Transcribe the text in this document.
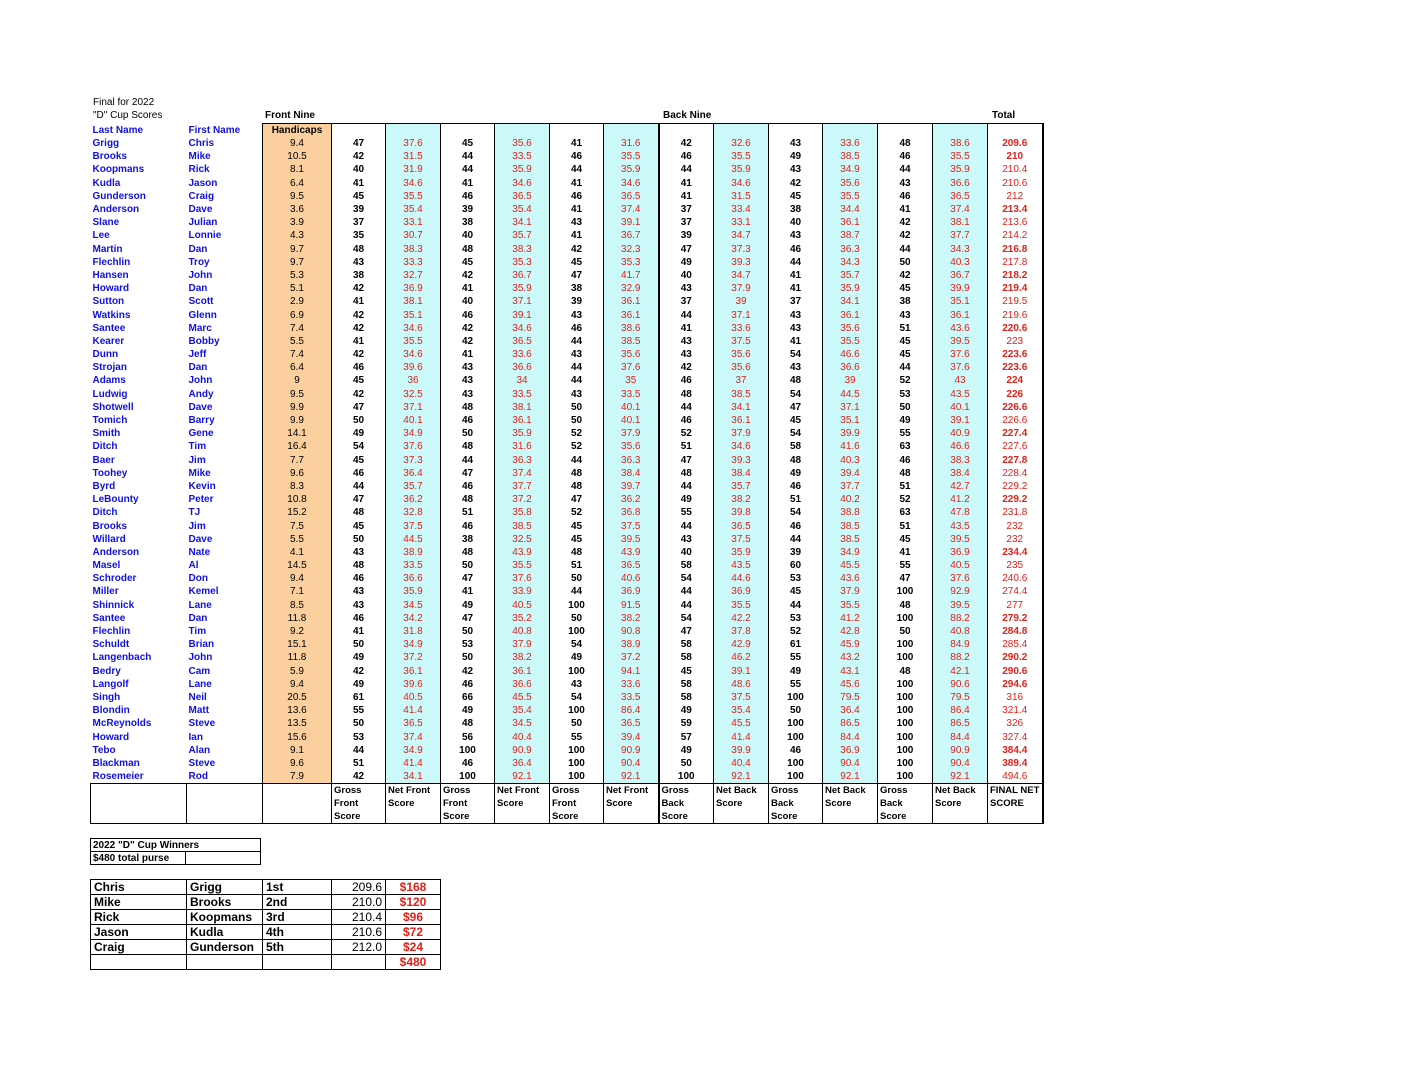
Final for 2022
"D" Cup Scores	Front Nine	Back Nine	Total
Last Name	First Name	Handicaps													
Grigg	Chris	9.4	47	37.6	45	35.6	41	31.6	42	32.6	43	33.6	48	38.6	209.6
Brooks	Mike	10.5	42	31.5	44	33.5	46	35.5	46	35.5	49	38.5	46	35.5	210
Koopmans	Rick	8.1	40	31.9	44	35.9	44	35.9	44	35.9	43	34.9	44	35.9	210.4
Kudla	Jason	6.4	41	34.6	41	34.6	41	34.6	41	34.6	42	35.6	43	36.6	210.6
Gunderson	Craig	9.5	45	35.5	46	36.5	46	36.5	41	31.5	45	35.5	46	36.5	212
Anderson	Dave	3.6	39	35.4	39	35.4	41	37.4	37	33.4	38	34.4	41	37.4	213.4
Slane	Julian	3.9	37	33.1	38	34.1	43	39.1	37	33.1	40	36.1	42	38.1	213.6
Lee	Lonnie	4.3	35	30.7	40	35.7	41	36.7	39	34.7	43	38.7	42	37.7	214.2
Martin	Dan	9.7	48	38.3	48	38.3	42	32.3	47	37.3	46	36.3	44	34.3	216.8
Flechlin	Troy	9.7	43	33.3	45	35.3	45	35.3	49	39.3	44	34.3	50	40.3	217.8
Hansen	John	5.3	38	32.7	42	36.7	47	41.7	40	34.7	41	35.7	42	36.7	218.2
Howard	Dan	5.1	42	36.9	41	35.9	38	32.9	43	37.9	41	35.9	45	39.9	219.4
Sutton	Scott	2.9	41	38.1	40	37.1	39	36.1	37	39	37	34.1	38	35.1	219.5
Watkins	Glenn	6.9	42	35.1	46	39.1	43	36.1	44	37.1	43	36.1	43	36.1	219.6
Santee	Marc	7.4	42	34.6	42	34.6	46	38.6	41	33.6	43	35.6	51	43.6	220.6
Kearer	Bobby	5.5	41	35.5	42	36.5	44	38.5	43	37.5	41	35.5	45	39.5	223
Dunn	Jeff	7.4	42	34.6	41	33.6	43	35.6	43	35.6	54	46.6	45	37.6	223.6
Strojan	Dan	6.4	46	39.6	43	36.6	44	37.6	42	35.6	43	36.6	44	37.6	223.6
Adams	John	9	45	36	43	34	44	35	46	37	48	39	52	43	224
Ludwig	Andy	9.5	42	32.5	43	33.5	43	33.5	48	38.5	54	44.5	53	43.5	226
Shotwell	Dave	9.9	47	37.1	48	38.1	50	40.1	44	34.1	47	37.1	50	40.1	226.6
Tomich	Barry	9.9	50	40.1	46	36.1	50	40.1	46	36.1	45	35.1	49	39.1	226.6
Smith	Gene	14.1	49	34.9	50	35.9	52	37.9	52	37.9	54	39.9	55	40.9	227.4
Ditch	Tim	16.4	54	37.6	48	31.6	52	35.6	51	34.6	58	41.6	63	46.6	227.6
Baer	Jim	7.7	45	37.3	44	36.3	44	36.3	47	39.3	48	40.3	46	38.3	227.8
Toohey	Mike	9.6	46	36.4	47	37.4	48	38.4	48	38.4	49	39.4	48	38.4	228.4
Byrd	Kevin	8.3	44	35.7	46	37.7	48	39.7	44	35.7	46	37.7	51	42.7	229.2
LeBounty	Peter	10.8	47	36.2	48	37.2	47	36.2	49	38.2	51	40.2	52	41.2	229.2
Ditch	TJ	15.2	48	32.8	51	35.8	52	36.8	55	39.8	54	38.8	63	47.8	231.8
Brooks	Jim	7.5	45	37.5	46	38.5	45	37.5	44	36.5	46	38.5	51	43.5	232
Willard	Dave	5.5	50	44.5	38	32.5	45	39.5	43	37.5	44	38.5	45	39.5	232
Anderson	Nate	4.1	43	38.9	48	43.9	48	43.9	40	35.9	39	34.9	41	36.9	234.4
Masel	Al	14.5	48	33.5	50	35.5	51	36.5	58	43.5	60	45.5	55	40.5	235
Schroder	Don	9.4	46	36.6	47	37.6	50	40.6	54	44.6	53	43.6	47	37.6	240.6
Miller	Kemel	7.1	43	35.9	41	33.9	44	36.9	44	36.9	45	37.9	100	92.9	274.4
Shinnick	Lane	8.5	43	34.5	49	40.5	100	91.5	44	35.5	44	35.5	48	39.5	277
Santee	Dan	11.8	46	34.2	47	35.2	50	38.2	54	42.2	53	41.2	100	88.2	279.2
Flechlin	Tim	9.2	41	31.8	50	40.8	100	90.8	47	37.8	52	42.8	50	40.8	284.8
Schuldt	Brian	15.1	50	34.9	53	37.9	54	38.9	58	42.9	61	45.9	100	84.9	285.4
Langenbach	John	11.8	49	37.2	50	38.2	49	37.2	58	46.2	55	43.2	100	88.2	290.2
Bedry	Cam	5.9	42	36.1	42	36.1	100	94.1	45	39.1	49	43.1	48	42.1	290.6
Langolf	Lane	9.4	49	39.6	46	36.6	43	33.6	58	48.6	55	45.6	100	90.6	294.6
Singh	Neil	20.5	61	40.5	66	45.5	54	33.5	58	37.5	100	79.5	100	79.5	316
Blondin	Matt	13.6	55	41.4	49	35.4	100	86.4	49	35.4	50	36.4	100	86.4	321.4
McReynolds	Steve	13.5	50	36.5	48	34.5	50	36.5	59	45.5	100	86.5	100	86.5	326
Howard	Ian	15.6	53	37.4	56	40.4	55	39.4	57	41.4	100	84.4	100	84.4	327.4
Tebo	Alan	9.1	44	34.9	100	90.9	100	90.9	49	39.9	46	36.9	100	90.9	384.4
Blackman	Steve	9.6	51	41.4	46	36.4	100	90.4	50	40.4	100	90.4	100	90.4	389.4
Rosemeier	Rod	7.9	42	34.1	100	92.1	100	92.1	100	92.1	100	92.1	100	92.1	494.6
			Gross Front Score	Net Front Score	Gross Front Score	Net Front Score	Gross Front Score	Net Front Score	Gross Back Score	Net Back Score	Gross Back Score	Net Back Score	Gross Back Score	Net Back Score	FINAL NET SCORE
2022 "D" Cup Winners
$480 total purse	
Chris	Grigg	1st	209.6	$168
Mike	Brooks	2nd	210.0	$120
Rick	Koopmans	3rd	210.4	$96
Jason	Kudla	4th	210.6	$72
Craig	Gunderson	5th	212.0	$24
				$480
